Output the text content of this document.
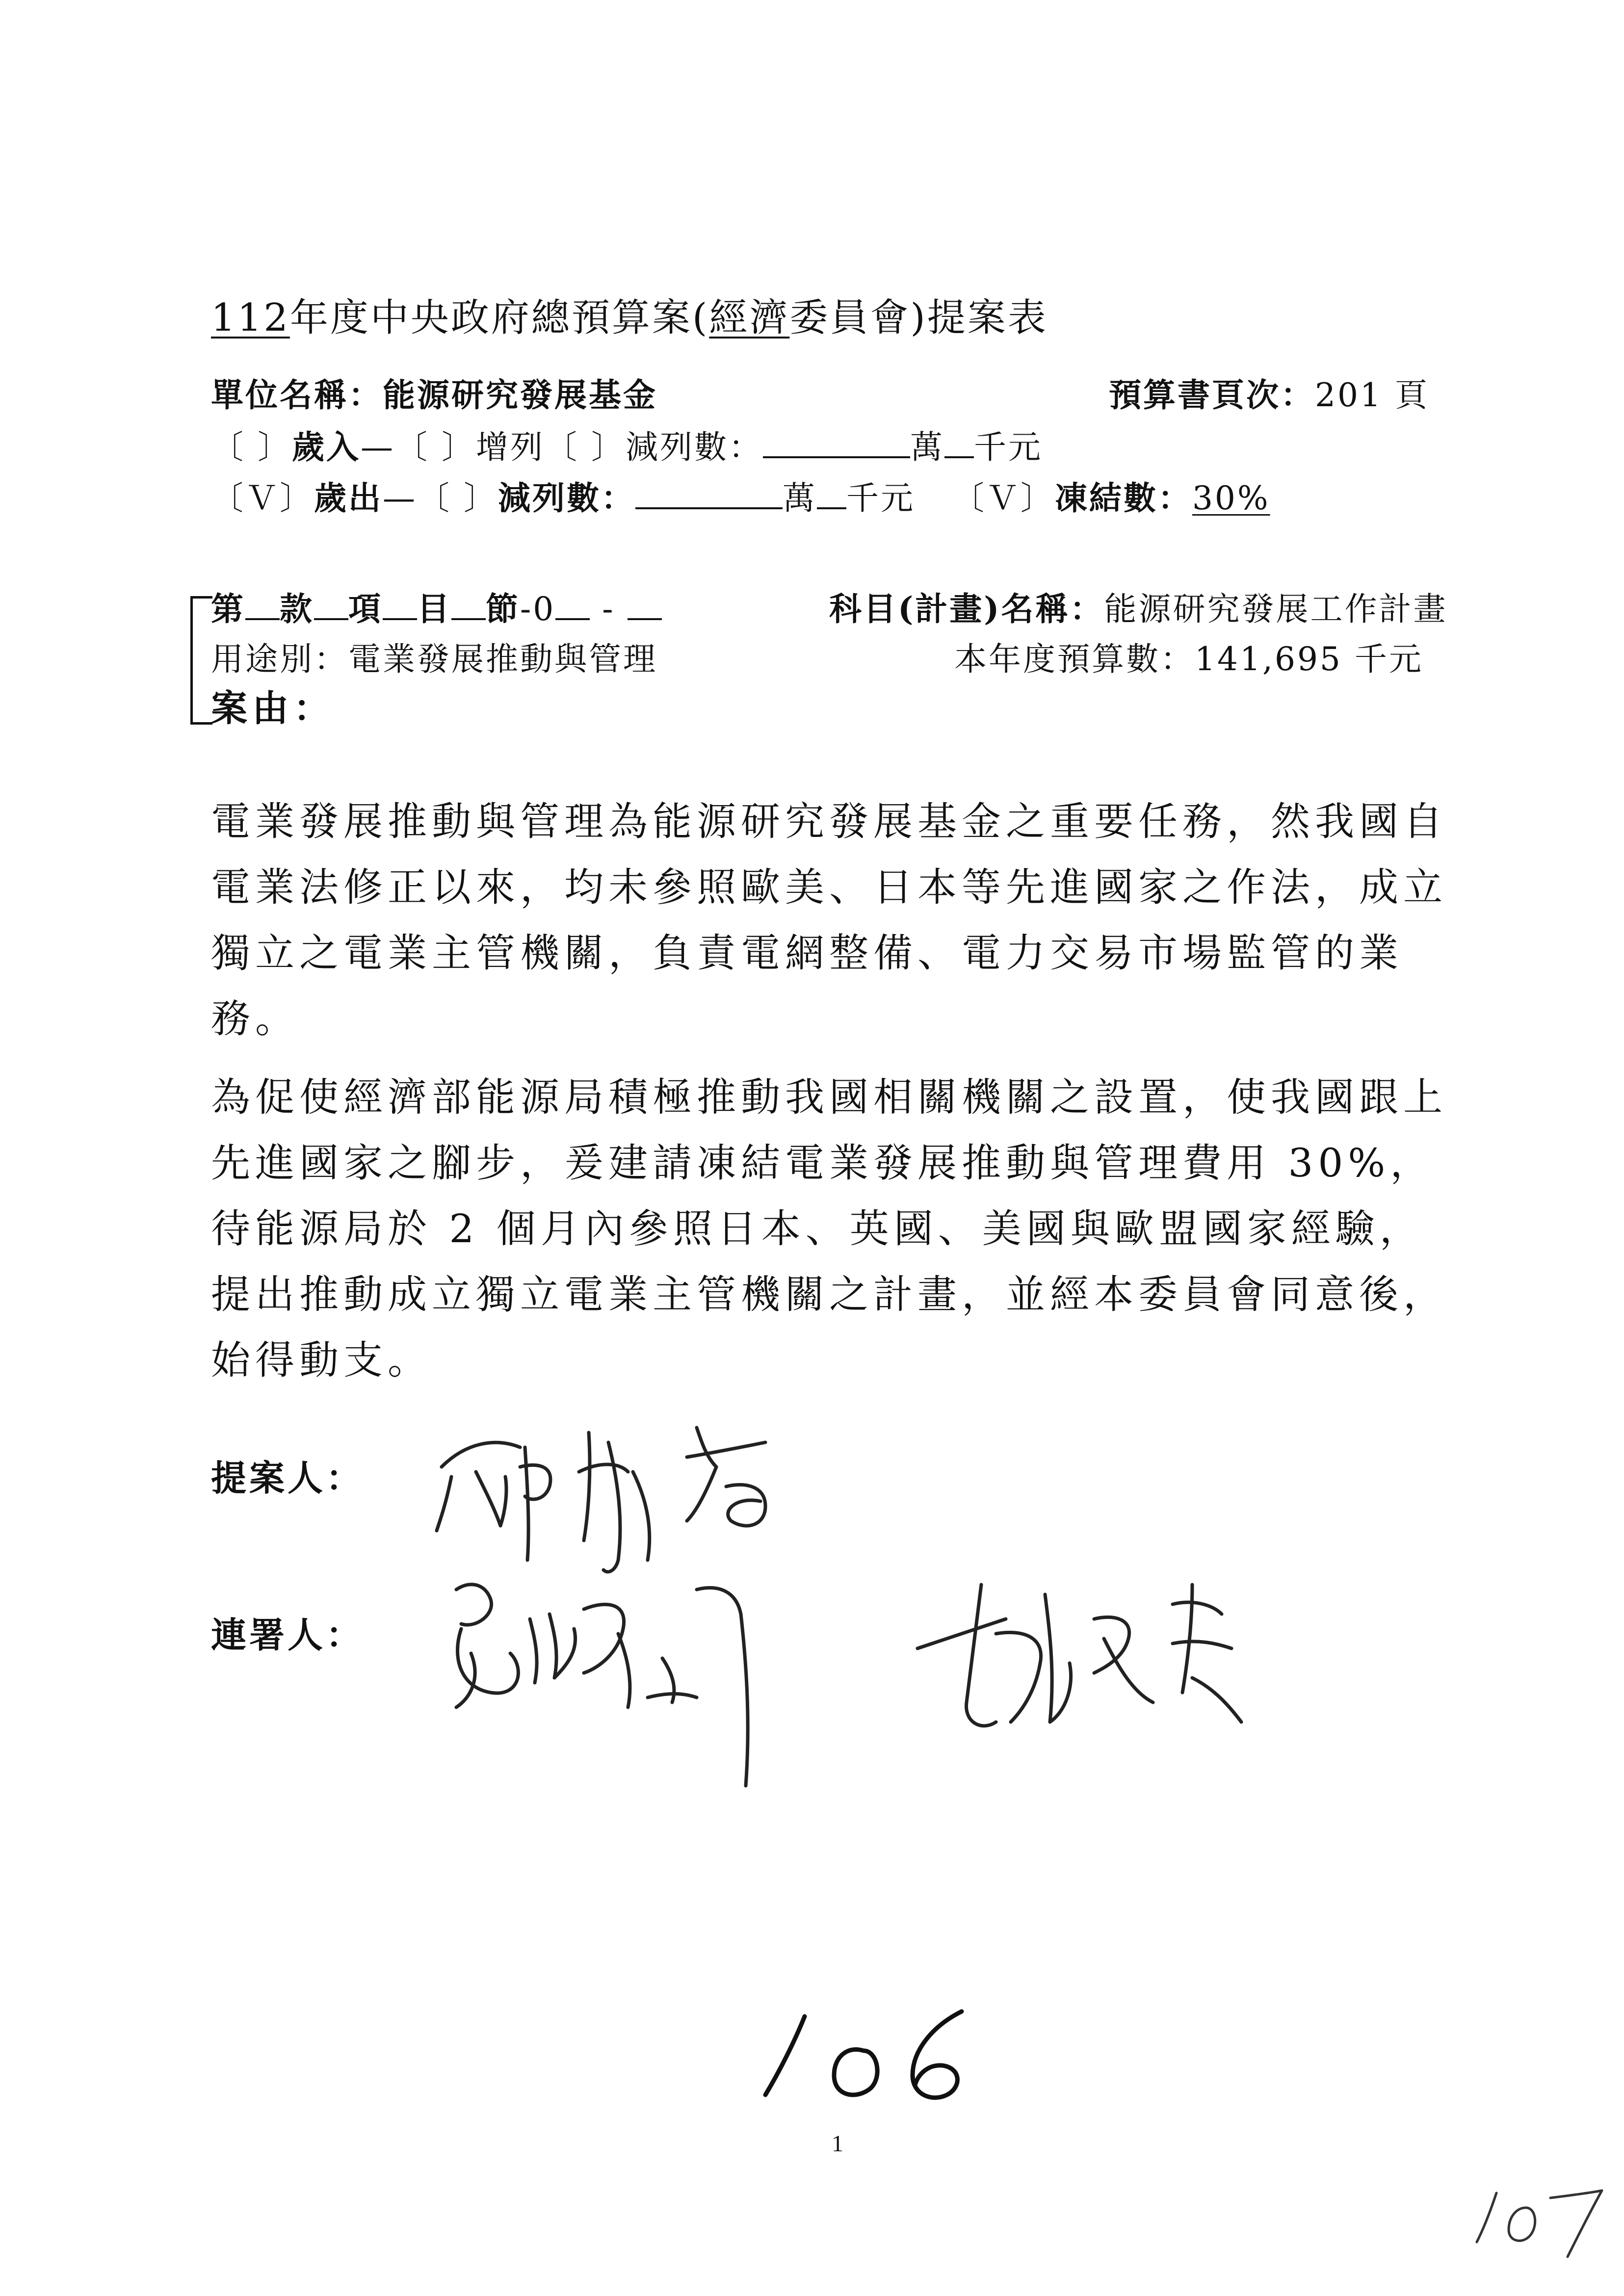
112年度中央政府總預算案(經濟委員會)提案表
單位名稱：能源研究發展基金	預算書頁次：201 頁
〔 〕歲入—〔 〕增列〔 〕減列數：	萬 千元
〔Ｖ〕歲出—〔 〕減列數：	萬 千元 〔Ｖ〕凍結數：30%
第 款 項 目 節-0 -	科目(計畫)名稱：能源研究發展工作計畫
用途別：電業發展推動與管理	本年度預算數：141,695 千元
案由：
電業發展推動與管理為能源研究發展基金之重要任務，然我國自電業法修正以來，均未參照歐美、日本等先進國家之作法，成立獨立之電業主管機關，負責電網整備、電力交易市場監管的業務。
為促使經濟部能源局積極推動我國相關機關之設置，使我國跟上先進國家之腳步，爰建請凍結電業發展推動與管理費用 30%，待能源局於 2 個月內參照日本、英國、美國與歐盟國家經驗，提出推動成立獨立電業主管機關之計畫，並經本委員會同意後，始得動支。
提案人：
連署人：
1
